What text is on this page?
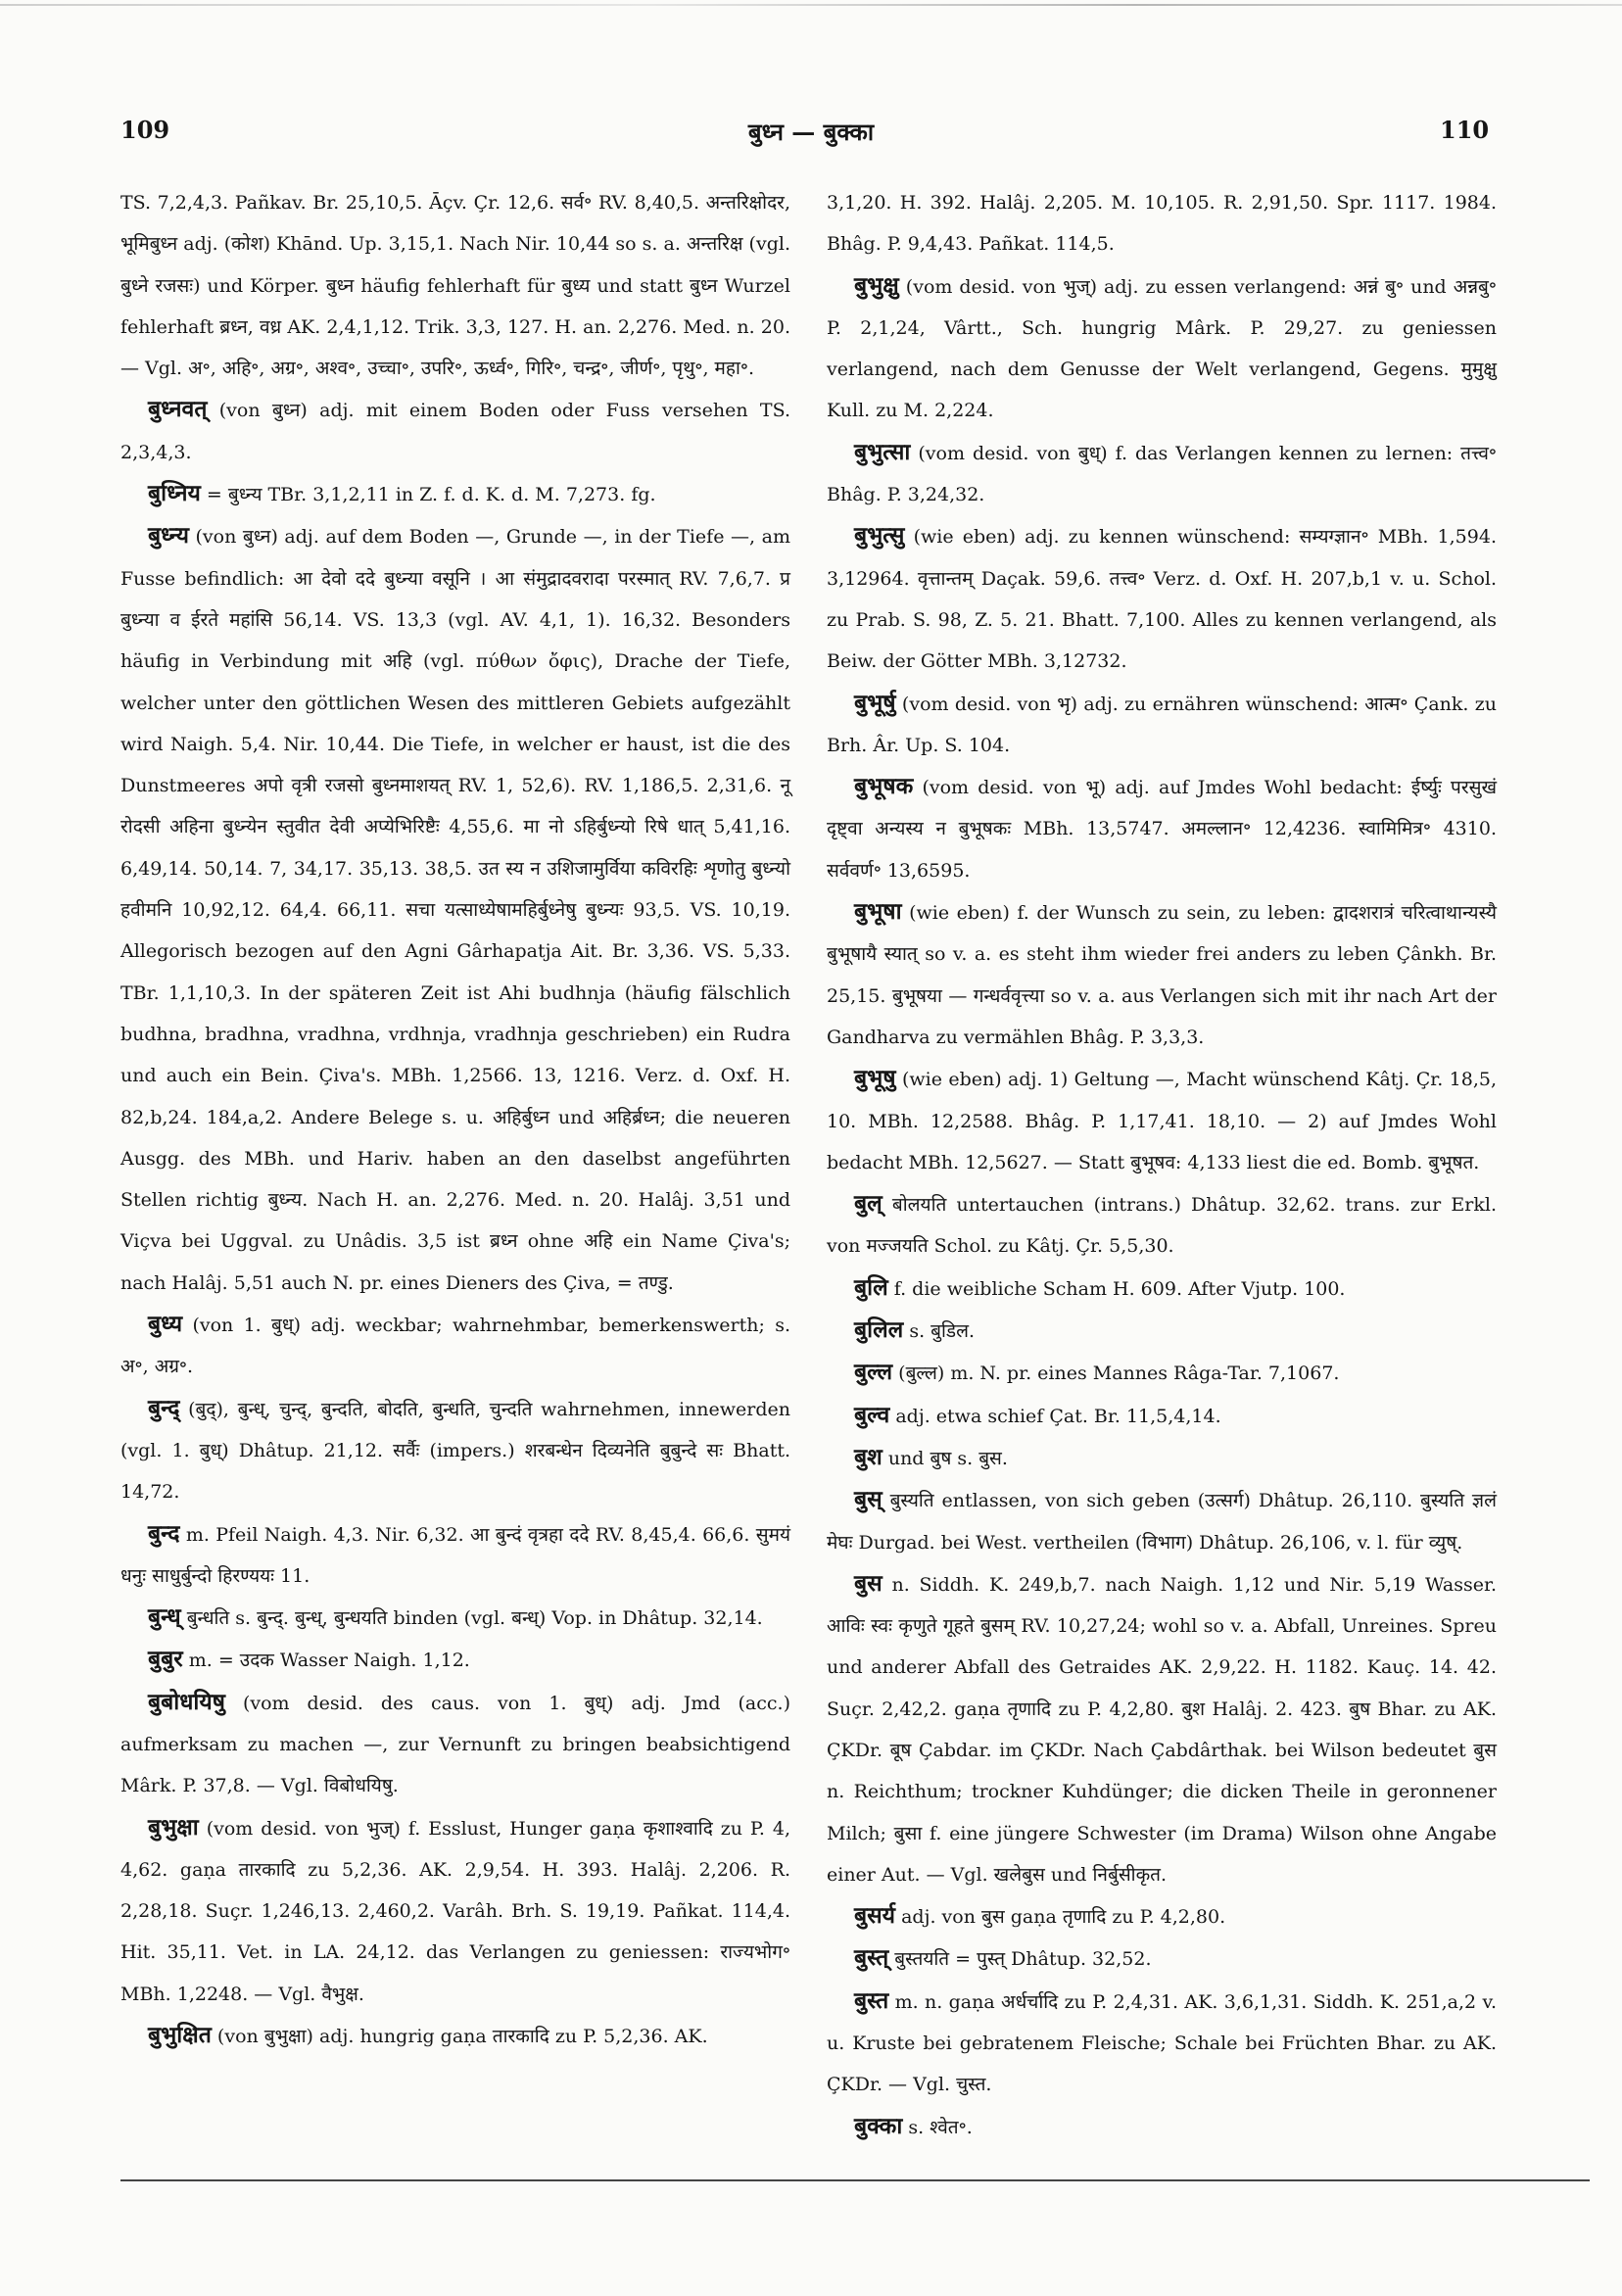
109	बुध्न — बुक्का	110

TS. 7,2,4,3. Pañkav. Br. 25,10,5. Āçv. Çr. 12,6. सर्व॰ RV. 8,40,5. अन्तरिक्षोदर, भूमिबुध्न adj. (कोश) Khānd. Up. 3,15,1. Nach Nir. 10,44 so s. a. अन्तरिक्ष (vgl. बुध्ने रजसः) und Körper. बुध्न häufig fehlerhaft für बुध्य und statt बुध्न Wurzel fehlerhaft ब्रध्न, वध्र AK. 2,4,1,12. Trik. 3,3, 127. H. an. 2,276. Med. n. 20. — Vgl. अ॰, अहि॰, अग्र॰, अश्व॰, उच्चा॰, उपरि॰, ऊर्ध्व॰, गिरि॰, चन्द्र॰, जीर्ण॰, पृथु॰, महा॰.

बुध्नवत् (von बुध्न) adj. mit einem Boden oder Fuss versehen TS. 2,3,4,3.

बुध्निय = बुध्न्य TBr. 3,1,2,11 in Z. f. d. K. d. M. 7,273. fg.

बुध्न्य (von बुध्न) adj. auf dem Boden —, Grunde —, in der Tiefe —, am Fusse befindlich: आ देवो ददे बुध्न्या वसूनि । आ संमुद्रादवरादा परस्मात् RV. 7,6,7. प्र बुध्न्या व ईरते महांसि 56,14. VS. 13,3 (vgl. AV. 4,1, 1). 16,32. Besonders häufig in Verbindung mit अहि (vgl. πύθων ὄφις), Drache der Tiefe, welcher unter den göttlichen Wesen des mittleren Gebiets aufgezählt wird Naigh. 5,4. Nir. 10,44. Die Tiefe, in welcher er haust, ist die des Dunstmeeres अपो वृत्री रजसो बुध्नमाशयत् RV. 1, 52,6). RV. 1,186,5. 2,31,6. नू रोदसी अहिना बुध्न्येन स्तुवीत देवी अप्येभिरिष्टैः 4,55,6. मा नो ऽहिर्बुध्न्यो रिषे धात् 5,41,16. 6,49,14. 50,14. 7, 34,17. 35,13. 38,5. उत स्य न उशिजामुर्विया कविरहिः शृणोतु बुध्न्यो हवीमनि 10,92,12. 64,4. 66,11. सचा यत्साध्येषामहिर्बुध्नेषु बुध्न्यः 93,5. VS. 10,19. Allegorisch bezogen auf den Agni Gârhapatja Ait. Br. 3,36. VS. 5,33. TBr. 1,1,10,3. In der späteren Zeit ist Ahi budhnja (häufig fälschlich budhna, bradhna, vradhna, vrdhnja, vradhnja geschrieben) ein Rudra und auch ein Bein. Çiva's. MBh. 1,2566. 13, 1216. Verz. d. Oxf. H. 82,b,24. 184,a,2. Andere Belege s. u. अहिर्बुध्न und अहिर्ब्रध्न; die neueren Ausgg. des MBh. und Hariv. haben an den daselbst angeführten Stellen richtig बुध्न्य. Nach H. an. 2,276. Med. n. 20. Halâj. 3,51 und Viçva bei Uggval. zu Unâdis. 3,5 ist ब्रध्न ohne अहि ein Name Çiva's; nach Halâj. 5,51 auch N. pr. eines Dieners des Çiva, = तण्डु.

बुध्य (von 1. बुध्) adj. weckbar; wahrnehmbar, bemerkenswerth; s. अ॰, अग्र॰.

बुन्द् (बुद्), बुन्ध्, चुन्द्, बुन्दति, बोदति, बुन्धति, चुन्दति wahrnehmen, innewerden (vgl. 1. बुध्) Dhâtup. 21,12. सर्वैः (impers.) शरबन्धेन दिव्यनेति बुबुन्दे सः Bhatt. 14,72.

बुन्द m. Pfeil Naigh. 4,3. Nir. 6,32. आ बुन्दं वृत्रहा ददे RV. 8,45,4. 66,6. सुमयं धनुः साधुर्बुन्दो हिरण्ययः 11.

बुन्ध् बुन्धति s. बुन्द्. बुन्ध्, बुन्धयति binden (vgl. बन्ध्) Vop. in Dhâtup. 32,14.

बुबुर m. = उदक Wasser Naigh. 1,12.

बुबोधयिषु (vom desid. des caus. von 1. बुध्) adj. Jmd (acc.) aufmerksam zu machen —, zur Vernunft zu bringen beabsichtigend Mârk. P. 37,8. — Vgl. विबोधयिषु.

बुभुक्षा (vom desid. von भुज्) f. Esslust, Hunger gaṇa कृशाश्वादि zu P. 4, 4,62. gaṇa तारकादि zu 5,2,36. AK. 2,9,54. H. 393. Halâj. 2,206. R. 2,28,18. Suçr. 1,246,13. 2,460,2. Varâh. Brh. S. 19,19. Pañkat. 114,4. Hit. 35,11. Vet. in LA. 24,12. das Verlangen zu geniessen: राज्यभोग॰ MBh. 1,2248. — Vgl. वैभुक्ष.

बुभुक्षित (von बुभुक्षा) adj. hungrig gaṇa तारकादि zu P. 5,2,36. AK.

3,1,20. H. 392. Halâj. 2,205. M. 10,105. R. 2,91,50. Spr. 1117. 1984. Bhâg. P. 9,4,43. Pañkat. 114,5.

बुभुक्षु (vom desid. von भुज्) adj. zu essen verlangend: अन्नं बु॰ und अन्नबु॰ P. 2,1,24, Vârtt., Sch. hungrig Mârk. P. 29,27. zu geniessen verlangend, nach dem Genusse der Welt verlangend, Gegens. मुमुक्षु Kull. zu M. 2,224.

बुभुत्सा (vom desid. von बुध्) f. das Verlangen kennen zu lernen: तत्त्व॰ Bhâg. P. 3,24,32.

बुभुत्सु (wie eben) adj. zu kennen wünschend: सम्यग्ज्ञान॰ MBh. 1,594. 3,12964. वृत्तान्तम् Daçak. 59,6. तत्त्व॰ Verz. d. Oxf. H. 207,b,1 v. u. Schol. zu Prab. S. 98, Z. 5. 21. Bhatt. 7,100. Alles zu kennen verlangend, als Beiw. der Götter MBh. 3,12732.

बुभूर्षु (vom desid. von भृ) adj. zu ernähren wünschend: आत्म॰ Çank. zu Brh. Âr. Up. S. 104.

बुभूषक (vom desid. von भू) adj. auf Jmdes Wohl bedacht: ईर्ष्युः परसुखं दृष्ट्वा अन्यस्य न बुभूषकः MBh. 13,5747. अमल्लान॰ 12,4236. स्वामिमित्र॰ 4310. सर्ववर्ण॰ 13,6595.

बुभूषा (wie eben) f. der Wunsch zu sein, zu leben: द्वादशरात्रं चरित्वाथान्यस्यै बुभूषायै स्यात् so v. a. es steht ihm wieder frei anders zu leben Çânkh. Br. 25,15. बुभूषया — गन्धर्ववृत्त्या so v. a. aus Verlangen sich mit ihr nach Art der Gandharva zu vermählen Bhâg. P. 3,3,3.

बुभूषु (wie eben) adj. 1) Geltung —, Macht wünschend Kâtj. Çr. 18,5, 10. MBh. 12,2588. Bhâg. P. 1,17,41. 18,10. — 2) auf Jmdes Wohl bedacht MBh. 12,5627. — Statt बुभूषव: 4,133 liest die ed. Bomb. बुभूषत.

बुल् बोलयति untertauchen (intrans.) Dhâtup. 32,62. trans. zur Erkl. von मज्जयति Schol. zu Kâtj. Çr. 5,5,30.

बुलि f. die weibliche Scham H. 609. After Vjutp. 100.

बुलिल s. बुडिल.

बुल्ल (बुल्ल) m. N. pr. eines Mannes Râga-Tar. 7,1067.

बुल्व adj. etwa schief Çat. Br. 11,5,4,14.

बुश und बुष s. बुस.

बुस् बुस्यति entlassen, von sich geben (उत्सर्ग) Dhâtup. 26,110. बुस्यति ज्ञलं मेघः Durgad. bei West. vertheilen (विभाग) Dhâtup. 26,106, v. l. für व्युष्.

बुस n. Siddh. K. 249,b,7. nach Naigh. 1,12 und Nir. 5,19 Wasser. आविः स्वः कृणुते गूहते बुसम् RV. 10,27,24; wohl so v. a. Abfall, Unreines. Spreu und anderer Abfall des Getraides AK. 2,9,22. H. 1182. Kauç. 14. 42. Suçr. 2,42,2. gaṇa तृणादि zu P. 4,2,80. बुश Halâj. 2. 423. बुष Bhar. zu AK. ÇKDr. बूष Çabdar. im ÇKDr. Nach Çabdârthak. bei Wilson bedeutet बुस n. Reichthum; trockner Kuhdünger; die dicken Theile in geronnener Milch; बुसा f. eine jüngere Schwester (im Drama) Wilson ohne Angabe einer Aut. — Vgl. खलेबुस und निर्बुसीकृत.

बुसर्य adj. von बुस gaṇa तृणादि zu P. 4,2,80.

बुस्त् बुस्तयति = पुस्त् Dhâtup. 32,52.

बुस्त m. n. gaṇa अर्धर्चादि zu P. 2,4,31. AK. 3,6,1,31. Siddh. K. 251,a,2 v. u. Kruste bei gebratenem Fleische; Schale bei Früchten Bhar. zu AK. ÇKDr. — Vgl. चुस्त.

बुक्का s. श्वेत॰.
